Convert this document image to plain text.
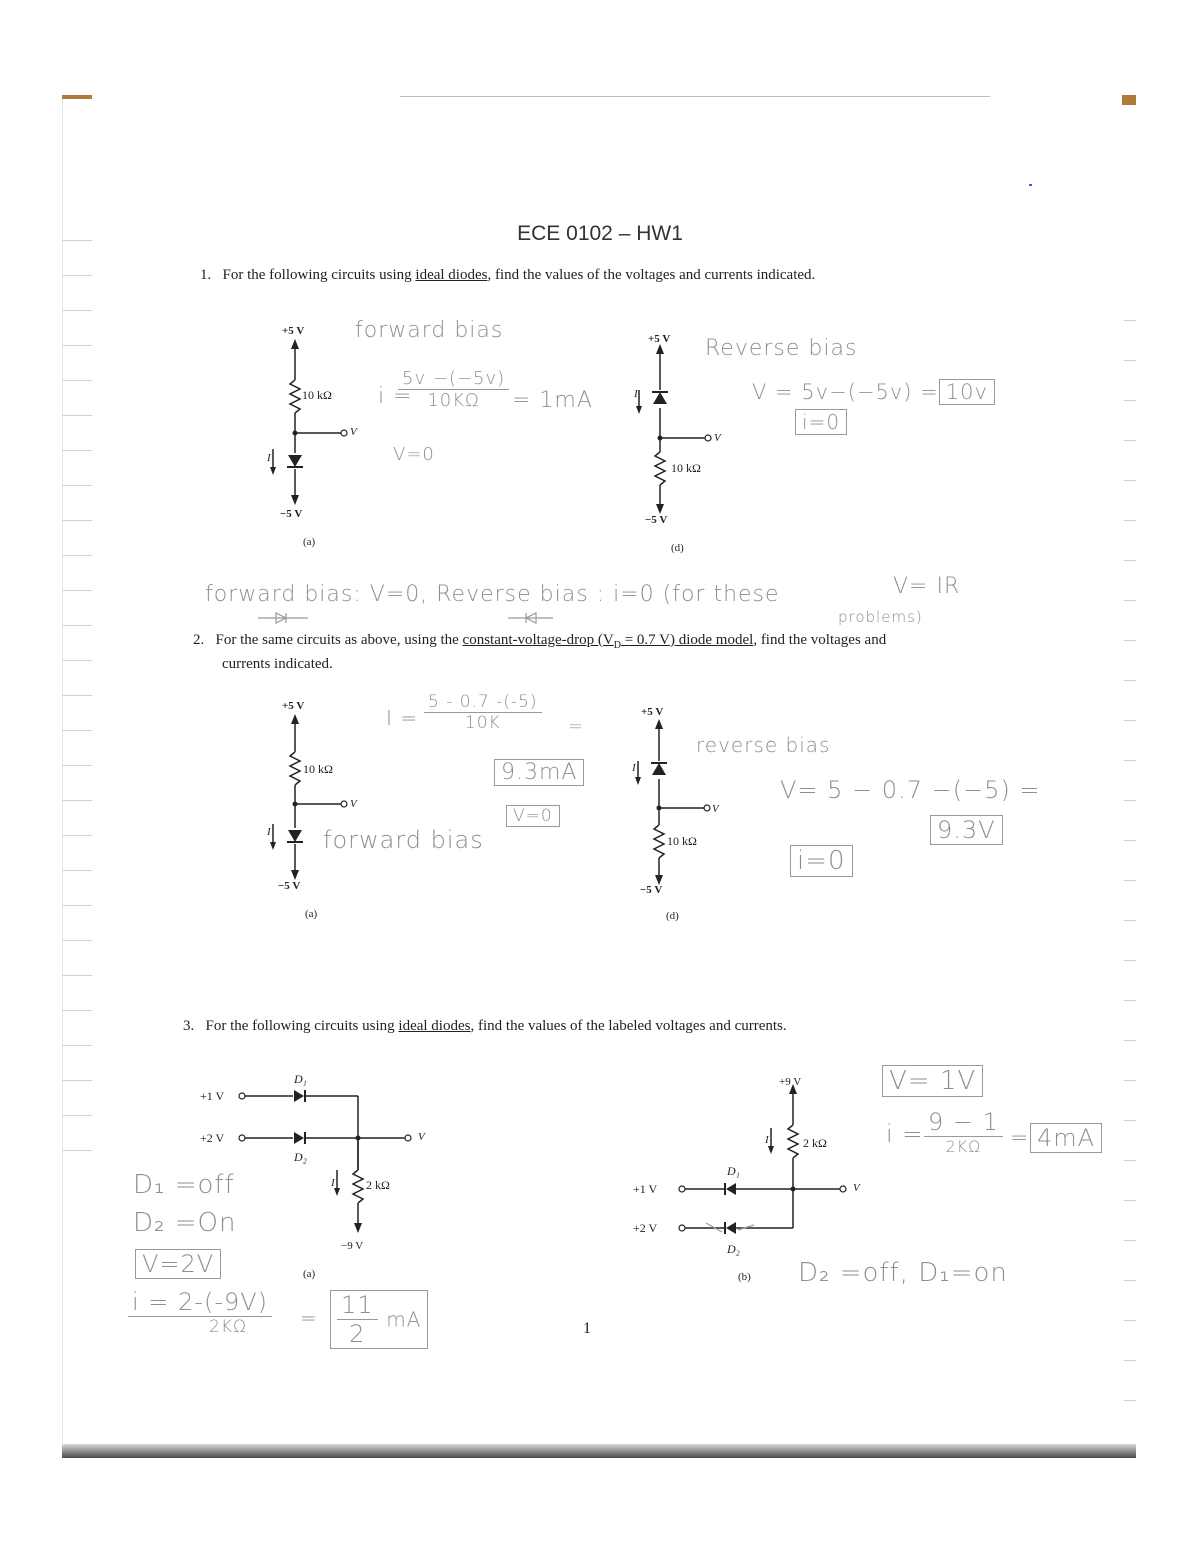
ECE 0102 – HW1
1. For the following circuits using ideal diodes, find the values of the voltages and currents indicated.
+5 V
10 kΩ
V
I
−5 V
(a)
+5 V
V
10 kΩ
I
−5 V
(d)
forward bias
i =
$\frac{5v -(-5v)}{10K\Omega} = 1mA$
V=0
Reverse bias
V = 5v−(−5v) = 10v
i=0
forward bias: V=0, Reverse bias : i=0 (for these
problems)
V= IR
2. For the same circuits as above, using the constant-voltage-drop ($V_D = 0.7$ V) diode model, find the voltages and
currents indicated.
+5 V
10 kΩ
V
I
−5 V
(a)
+5 V
V
10 kΩ
I
−5 V
(d)
$I = \frac{5 - 0.7 -(-5)}{10K}$ =
9.3mA
V=0
forward bias
reverse bias
V= 5 − 0.7 −(−5) =
9.3V
i=0
3. For the following circuits using ideal diodes, find the values of the labeled voltages and currents.
+1 V
+2 V
D₁
D₂
V
I	2 kΩ
−9 V
(a)
+9 V
2 kΩ
I
D₁
D₂
+1 V
+2 V
V
(b)
D₁ =off
D₂ =On
V=2V
$\frac{i = 2-(-9V)}{2K\Omega} = \frac{11}{2}$ mA
V= 1V
$i = \frac{9 - 1}{2K\Omega} = 4mA$
D₂ =off, D₁=on
1
